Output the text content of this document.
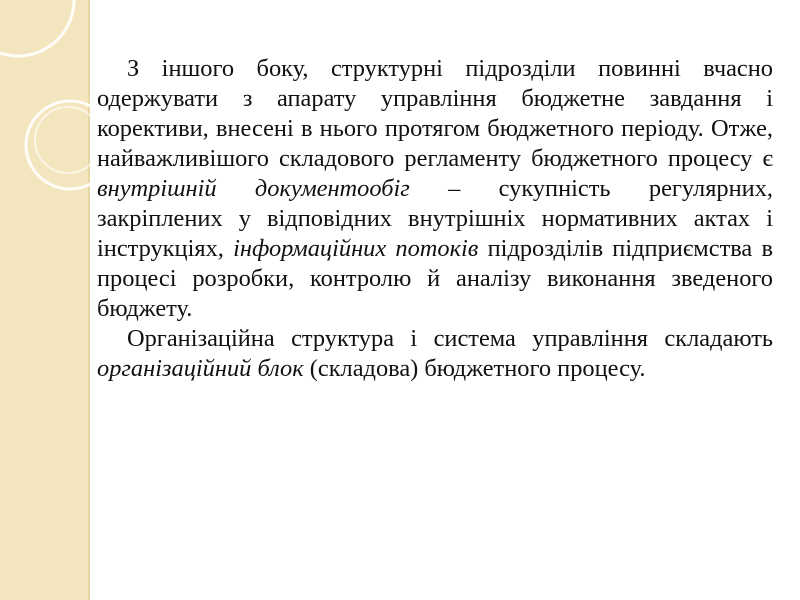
З іншого боку, структурні підрозділи повинні вчасно одержувати з апарату управління бюджетне завдання і корективи, внесені в нього протягом бюджетного періоду. Отже, найважливішого складового регламенту бюджетного процесу є внутрішній документообіг – сукупність регулярних, закріплених у відповідних внутрішніх нормативних актах і інструкціях, інформаційних потоків підрозділів підприємства в процесі розробки, контролю й аналізу виконання зведеного бюджету.

Організаційна структура і система управління складають організаційний блок (складова) бюджетного процесу.
